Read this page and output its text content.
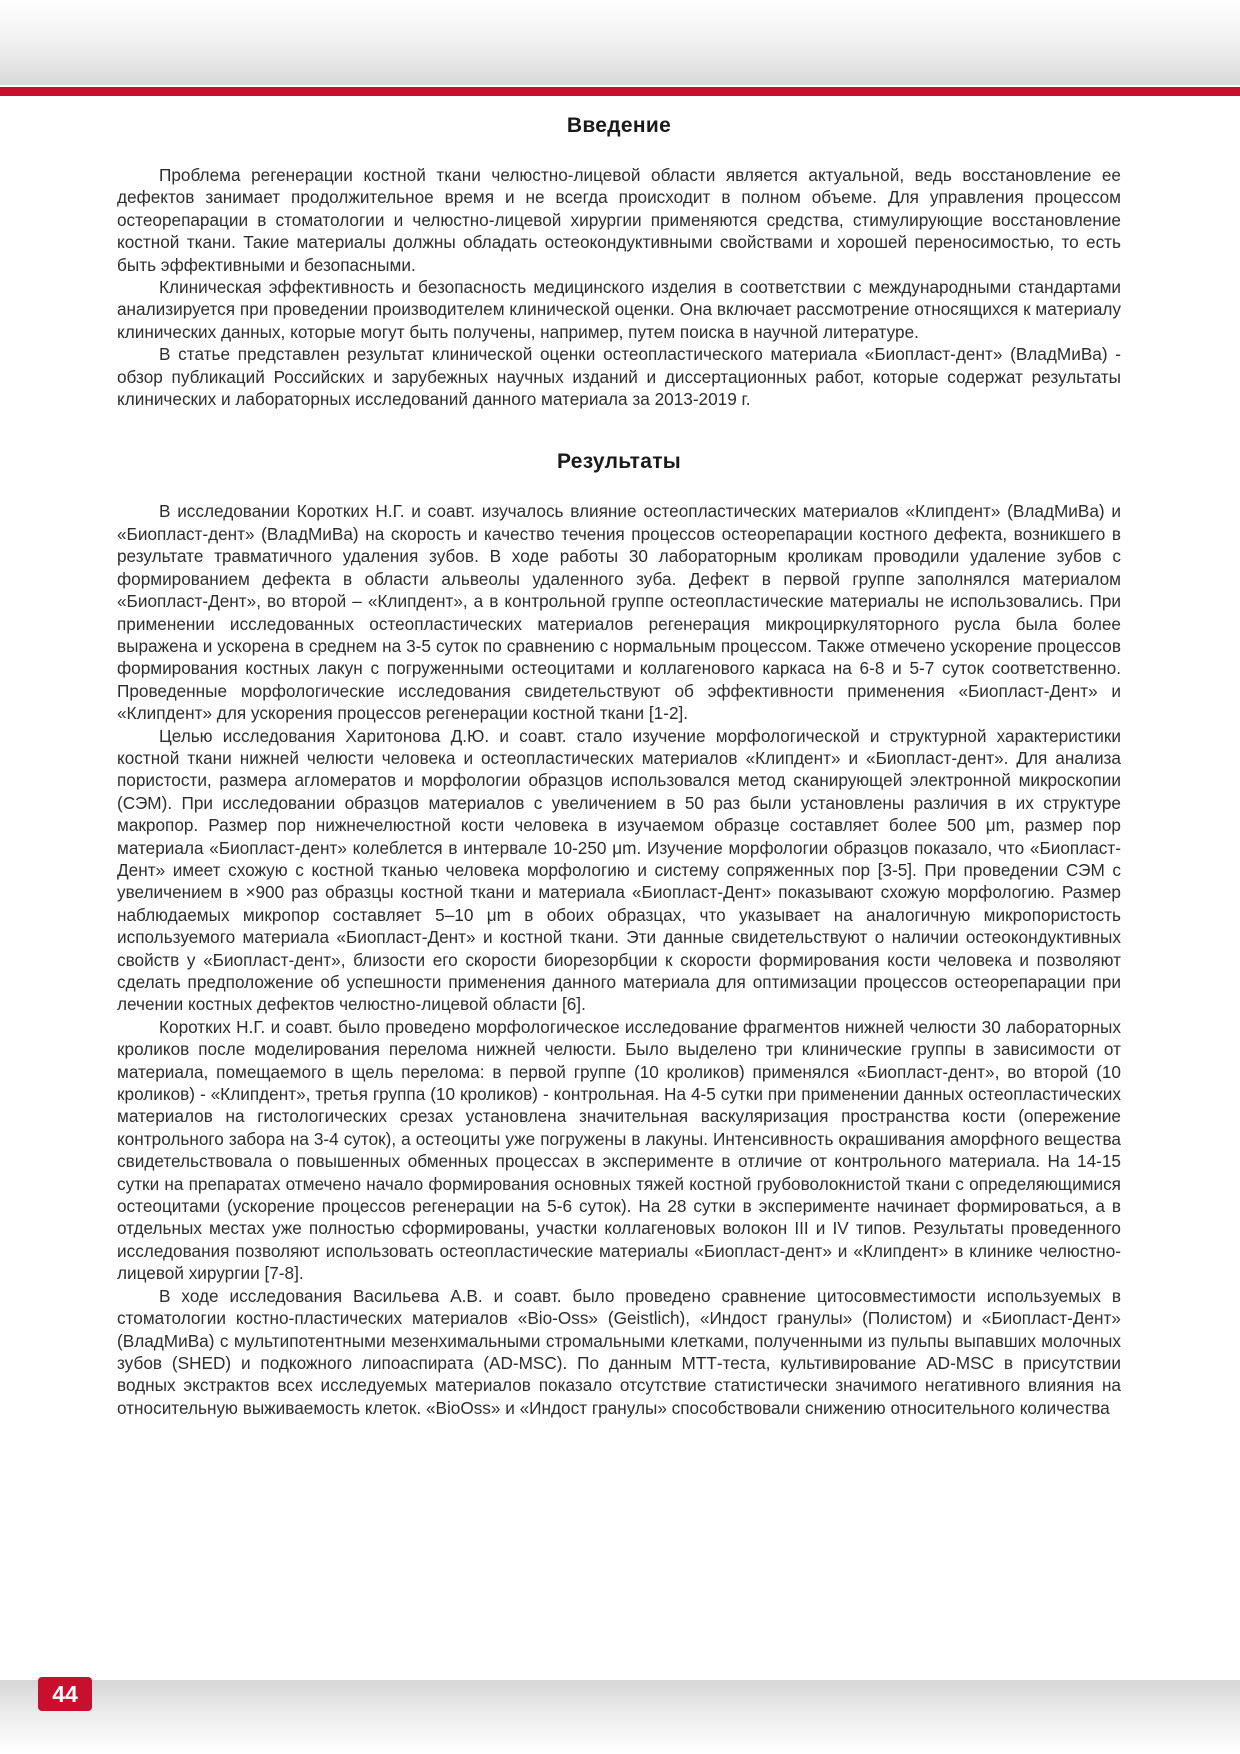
Введение

Проблема регенерации костной ткани челюстно-лицевой области является актуальной, ведь восстановление ее дефектов занимает продолжительное время и не всегда происходит в полном объеме. Для управления процессом остеорепарации в стоматологии и челюстно-лицевой хирургии применяются средства, стимулирующие восстановление костной ткани. Такие материалы должны обладать остеокондуктивными свойствами и хорошей переносимостью, то есть быть эффективными и безопасными.

Клиническая эффективность и безопасность медицинского изделия в соответствии с международными стандартами анализируется при проведении производителем клинической оценки. Она включает рассмотрение относящихся к материалу клинических данных, которые могут быть получены, например, путем поиска в научной литературе.

В статье представлен результат клинической оценки остеопластического материала «Биопласт-дент» (ВладМиВа) - обзор публикаций Российских и зарубежных научных изданий и диссертационных работ, которые содержат результаты клинических и лабораторных исследований данного материала за 2013-2019 г.

Результаты

В исследовании Коротких Н.Г. и соавт. изучалось влияние остеопластических материалов «Клипдент» (ВладМиВа) и «Биопласт-дент» (ВладМиВа) на скорость и качество течения процессов остеорепарации костного дефекта, возникшего в результате травматичного удаления зубов. В ходе работы 30 лабораторным кроликам проводили удаление зубов с формированием дефекта в области альвеолы удаленного зуба. Дефект в первой группе заполнялся материалом «Биопласт-Дент», во второй – «Клипдент», а в контрольной группе остеопластические материалы не использовались. При применении исследованных остеопластических материалов регенерация микроциркуляторного русла была более выражена и ускорена в среднем на 3-5 суток по сравнению с нормальным процессом. Также отмечено ускорение процессов формирования костных лакун с погруженными остеоцитами и коллагенового каркаса на 6-8 и 5-7 суток соответственно. Проведенные морфологические исследования свидетельствуют об эффективности применения «Биопласт-Дент» и «Клипдент» для ускорения процессов регенерации костной ткани [1-2].

Целью исследования Харитонова Д.Ю. и соавт. стало изучение морфологической и структурной характеристики костной ткани нижней челюсти человека и остеопластических материалов «Клипдент» и «Биопласт-дент». Для анализа пористости, размера агломератов и морфологии образцов использовался метод сканирующей электронной микроскопии (СЭМ). При исследовании образцов материалов с увеличением в 50 раз были установлены различия в их структуре макропор. Размер пор нижнечелюстной кости человека в изучаемом образце составляет более 500 μm, размер пор материала «Биопласт-дент» колеблется в интервале 10-250 μm. Изучение морфологии образцов показало, что «Биопласт-Дент» имеет схожую с костной тканью человека морфологию и систему сопряженных пор [3-5]. При проведении СЭМ с увеличением в ×900 раз образцы костной ткани и материала «Биопласт-Дент» показывают схожую морфологию. Размер наблюдаемых микропор составляет 5–10 μm в обоих образцах, что указывает на аналогичную микропористость используемого материала «Биопласт-Дент» и костной ткани. Эти данные свидетельствуют о наличии остеокондуктивных свойств у «Биопласт-дент», близости его скорости биорезорбции к скорости формирования кости человека и позволяют сделать предположение об успешности применения данного материала для оптимизации процессов остеорепарации при лечении костных дефектов челюстно-лицевой области [6].

Коротких Н.Г. и соавт. было проведено морфологическое исследование фрагментов нижней челюсти 30 лабораторных кроликов после моделирования перелома нижней челюсти. Было выделено три клинические группы в зависимости от материала, помещаемого в щель перелома: в первой группе (10 кроликов) применялся «Биопласт-дент», во второй (10 кроликов) - «Клипдент», третья группа (10 кроликов) - контрольная. На 4-5 сутки при применении данных остеопластических материалов на гистологических срезах установлена значительная васкуляризация пространства кости (опережение контрольного забора на 3-4 суток), а остеоциты уже погружены в лакуны. Интенсивность окрашивания аморфного вещества свидетельствовала о повышенных обменных процессах в эксперименте в отличие от контрольного материала. На 14-15 сутки на препаратах отмечено начало формирования основных тяжей костной грубоволокнистой ткани с определяющимися остеоцитами (ускорение процессов регенерации на 5-6 суток). На 28 сутки в эксперименте начинает формироваться, а в отдельных местах уже полностью сформированы, участки коллагеновых волокон III и IV типов. Результаты проведенного исследования позволяют использовать остеопластические материалы «Биопласт-дент» и «Клипдент» в клинике челюстно-лицевой хирургии [7-8].

В ходе исследования Васильева А.В. и соавт. было проведено сравнение цитосовместимости используемых в стоматологии костно-пластических материалов «Bio-Oss» (Geistlich), «Индост гранулы» (Полистом) и «Биопласт-Дент» (ВладМиВа) с мультипотентными мезенхимальными стромальными клетками, полученными из пульпы выпавших молочных зубов (SHED) и подкожного липоаспирата (AD-MSC). По данным МТТ-теста, культивирование AD-MSC в присутствии водных экстрактов всех исследуемых материалов показало отсутствие статистически значимого негативного влияния на относительную выживаемость клеток. «BioOss» и «Индост гранулы» способствовали снижению относительного количества

44
